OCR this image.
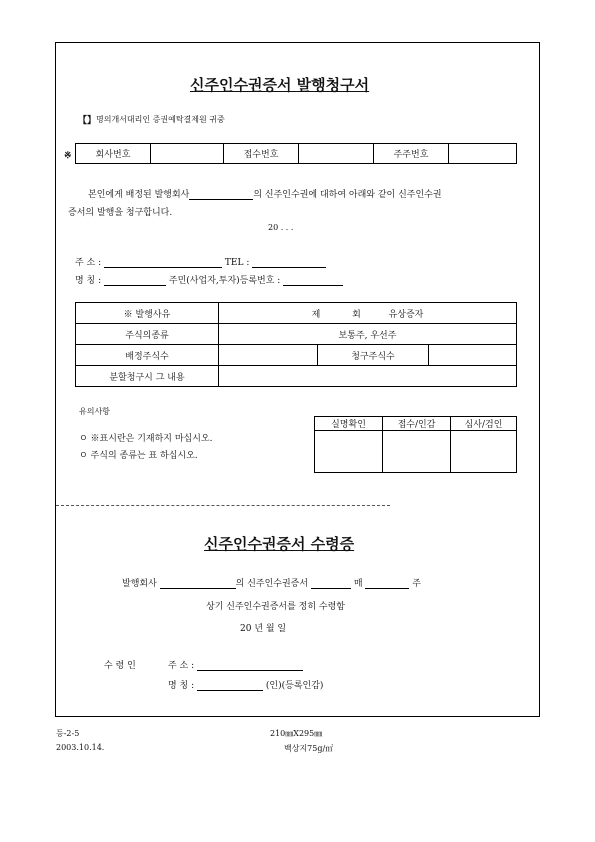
신주인수권증서 발행청구서
【】 명의개서대리인 증권예탁결제원 귀중
※	회사번호		접수번호		주주번호	
본인에게 배정된 발행회사	의 신주인수권에 대하여 아래와 같이 신주인수권
증서의 발행을 청구합니다.
20 . . .
주 소 :	TEL :
명 칭 :	주민(사업자,투자)등록번호 :
※ 발행사유	제 회 유상증자		
주식의종류	보통주, 우선주		
배정주식수		청구주식수	
분할청구시 그 내용			
유의사항
ㅇ ※표시란은 기재하지 마십시오.
ㅇ 주식의 종류는 표 하십시오.
실명확인	접수/인감	심사/검인

신주인수권증서 수령증
발행회사	의 신주인수권증서	매	주
상기 신주인수권증서를 정히 수령함
20 년 월 일
수 령 인	주 소 :
명 칭 :	(인)(등록인감)
등-2-5
2003.10.14.
210㎜X295㎜
백상지75g/㎡
